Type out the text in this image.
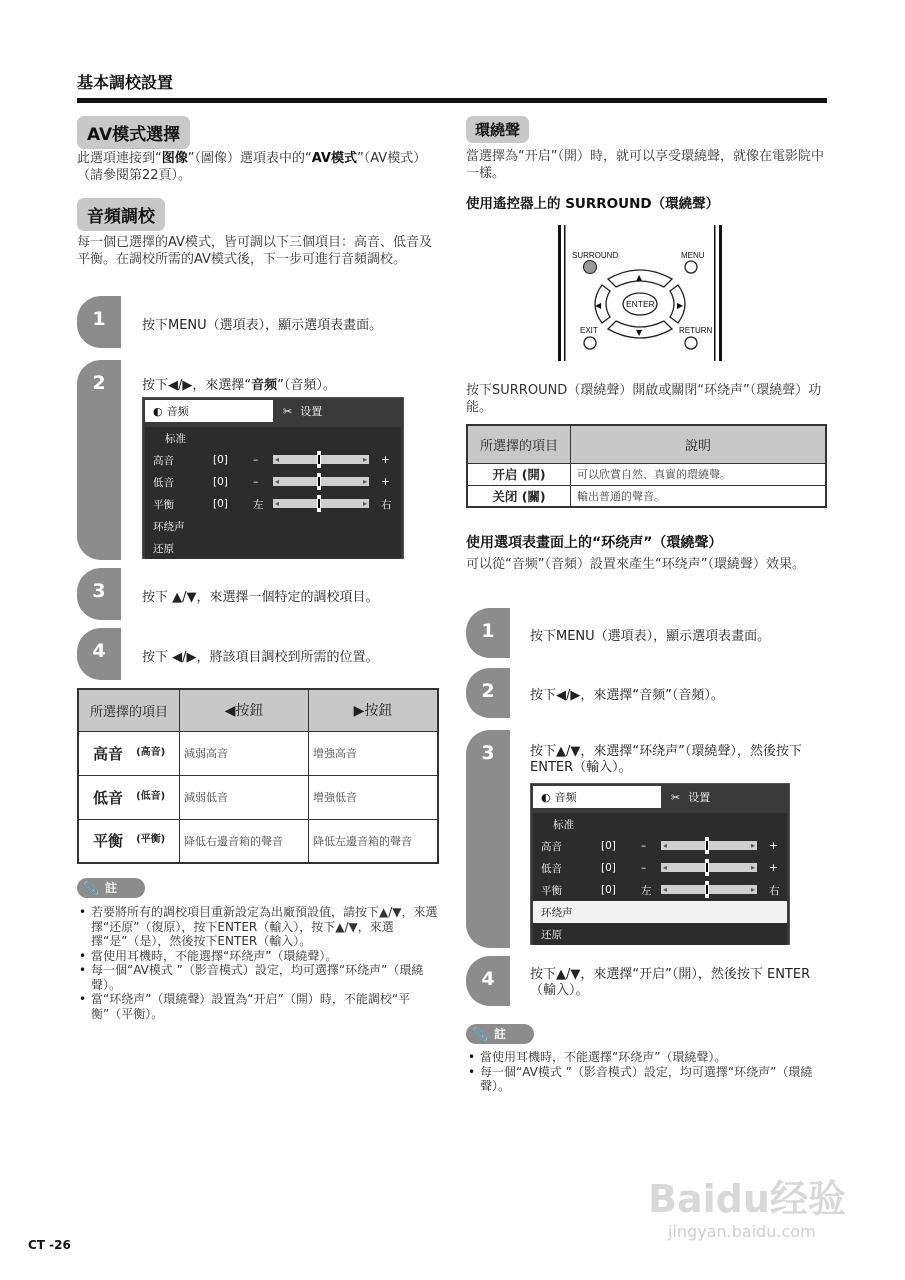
基本調校設置
AV模式選擇
此選項連接到“图像”（圖像）選項表中的“AV模式”（AV模式）（請參閱第22頁）。
音頻調校
每一個已選擇的AV模式，皆可調以下三個項目：高音、低音及平衡。在調校所需的AV模式後，下一步可進行音頻調校。
1	按下MENU（選項表），顯示選項表畫面。
2	按下◀/▶，來選擇“音频”（音頻）。
◐ 音频	✂ 设置
标准
高音	[0] – ◂	▸ +
低音	[0] – ◂	▸ +
平衡	[0] 左 ◂	▸ 右
环绕声
还原
3	按下 ▲/▼，來選擇一個特定的調校項目。
4	按下 ◀/▶，將該項目調校到所需的位置。
所選擇的項目	◀按鈕	▶按鈕
高音 $^{(高音)}$	減弱高音	增強高音
低音 $^{(低音)}$	減弱低音	增強低音
平衡 $^{(平衡)}$	降低右邊音箱的聲音	降低左邊音箱的聲音
📎 註
• 若要將所有的調校項目重新設定為出廠預設值，請按下▲/▼，來選擇“还原”（復原），按下ENTER（輸入），按下▲/▼，來選擇“是”（是），然後按下ENTER（輸入）。
• 當使用耳機時，不能選擇“环绕声”（環繞聲）。
• 每一個“AV模式 ”（影音模式）設定，均可選擇“环绕声”（環繞聲）。
• 當“环绕声”（環繞聲）設置為“开启”（開）時，不能調校“平衡”（平衡）。
環繞聲
當選擇為“开启”（開）時，就可以享受環繞聲，就像在電影院中一樣。
使用遙控器上的 SURROUND（環繞聲）
SURROUND	MENU
▲
▼
◀	▶
ENTER
EXIT	RETURN
按下SURROUND（環繞聲）開啟或關閉“环绕声”（環繞聲）功能。
所選擇的項目	說明
开启 (開)	可以欣賞自然、真實的環繞聲。
关闭 (關)	輸出普通的聲音。
使用選項表畫面上的“环绕声”（環繞聲）
可以從“音频”（音頻）設置來產生“环绕声”（環繞聲）效果。
1	按下MENU（選項表），顯示選項表畫面。
2	按下◀/▶，來選擇“音频”（音頻）。
3	按下▲/▼，來選擇“环绕声”（環繞聲），然後按下ENTER（輸入）。
◐ 音频	✂ 设置
标准
高音	[0] – ◂	▸ +
低音	[0] – ◂	▸ +
平衡	[0] 左 ◂	▸ 右
环绕声
还原
4	按下▲/▼，來選擇“开启”（開），然後按下 ENTER（輸入）。
📎 註
• 當使用耳機時，不能選擇“环绕声”（環繞聲）。
• 每一個“AV模式 ”（影音模式）設定，均可選擇“环绕声”（環繞聲）。
Baidu经验
jingyan.baidu.com
CT -26
